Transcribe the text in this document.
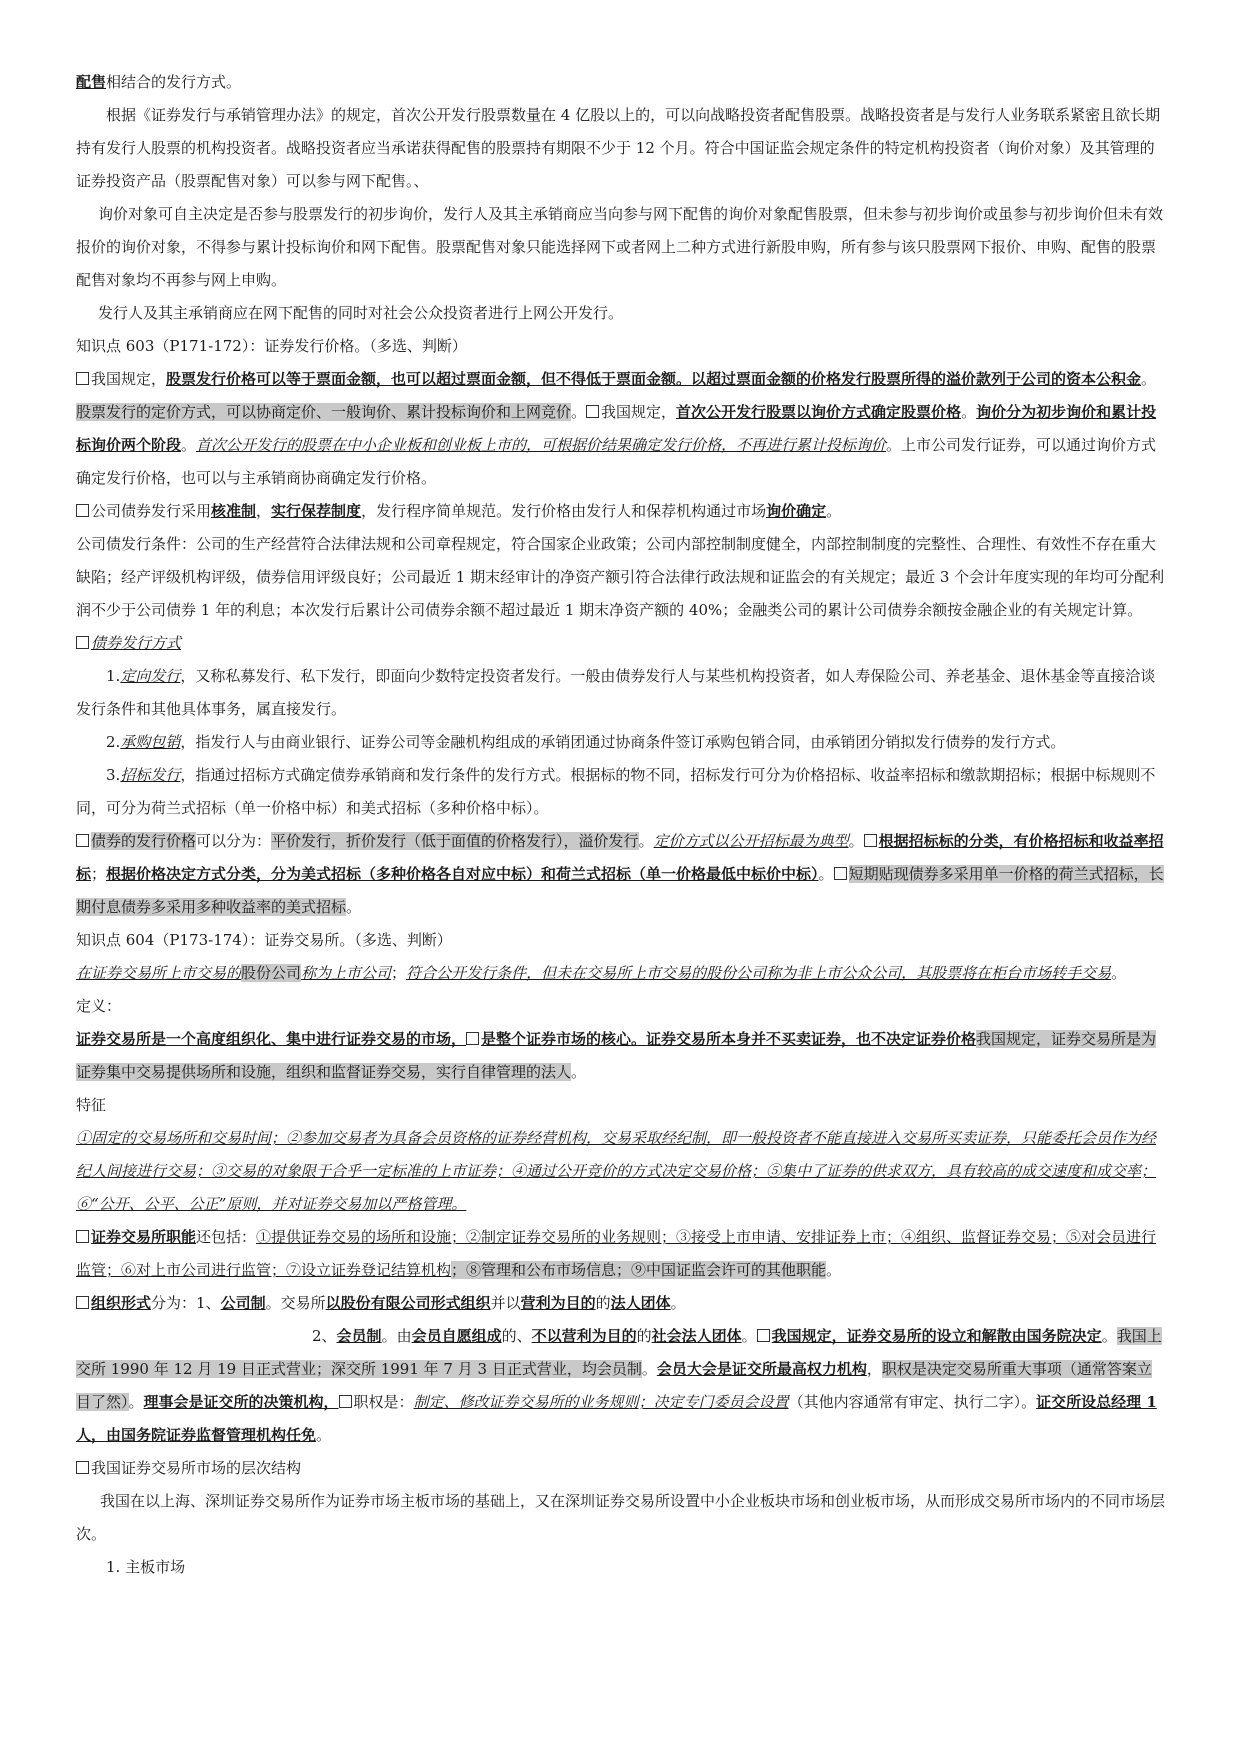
配售相结合的发行方式。

根据《证券发行与承销管理办法》的规定，首次公开发行股票数量在 4 亿股以上的，可以向战略投资者配售股票。战略投资者是与发行人业务联系紧密且欲长期持有发行人股票的机构投资者。战略投资者应当承诺获得配售的股票持有期限不少于 12 个月。符合中国证监会规定条件的特定机构投资者（询价对象）及其管理的证券投资产品（股票配售对象）可以参与网下配售。、

询价对象可自主决定是否参与股票发行的初步询价，发行人及其主承销商应当向参与网下配售的询价对象配售股票，但未参与初步询价或虽参与初步询价但未有效报价的询价对象，不得参与累计投标询价和网下配售。股票配售对象只能选择网下或者网上二种方式进行新股申购，所有参与该只股票网下报价、申购、配售的股票配售对象均不再参与网上申购。

发行人及其主承销商应在网下配售的同时对社会公众投资者进行上网公开发行。

知识点 603（P171-172）：证券发行价格。（多选、判断）

我国规定，股票发行价格可以等于票面金额，也可以超过票面金额，但不得低于票面金额。以超过票面金额的价格发行股票所得的溢价款列于公司的资本公积金。

股票发行的定价方式，可以协商定价、一般询价、累计投标询价和上网竞价。 我国规定，首次公开发行股票以询价方式确定股票价格。询价分为初步询价和累计投标询价两个阶段。首次公开发行的股票在中小企业板和创业板上市的，可根据价结果确定发行价格，不再进行累计投标询价。上市公司发行证券，可以通过询价方式确定发行价格，也可以与主承销商协商确定发行价格。

公司债券发行采用核准制，实行保荐制度，发行程序简单规范。发行价格由发行人和保荐机构通过市场询价确定。

公司债发行条件：公司的生产经营符合法律法规和公司章程规定，符合国家企业政策；公司内部控制制度健全，内部控制制度的完整性、合理性、有效性不存在重大缺陷；经产评级机构评级，债券信用评级良好；公司最近 1 期末经审计的净资产额引符合法律行政法规和证监会的有关规定；最近 3 个会计年度实现的年均可分配利润不少于公司债券 1 年的利息；本次发行后累计公司债券余额不超过最近 1 期末净资产额的 40%；金融类公司的累计公司债券余额按金融企业的有关规定计算。

债券发行方式

1.定向发行，又称私募发行、私下发行，即面向少数特定投资者发行。一般由债券发行人与某些机构投资者，如人寿保险公司、养老基金、退休基金等直接洽谈发行条件和其他具体事务，属直接发行。

2.承购包销，指发行人与由商业银行、证券公司等金融机构组成的承销团通过协商条件签订承购包销合同，由承销团分销拟发行债券的发行方式。

3.招标发行，指通过招标方式确定债券承销商和发行条件的发行方式。根据标的物不同，招标发行可分为价格招标、收益率招标和缴款期招标；根据中标规则不同，可分为荷兰式招标（单一价格中标）和美式招标（多种价格中标）。

债券的发行价格可以分为：平价发行，折价发行（低于面值的价格发行），溢价发行。定价方式以公开招标最为典型。 根据招标标的分类，有价格招标和收益率招标；根据价格决定方式分类，分为美式招标（多种价格各自对应中标）和荷兰式招标（单一价格最低中标价中标）。 短期贴现债券多采用单一价格的荷兰式招标，长期付息债券多采用多种收益率的美式招标。

知识点 604（P173-174）：证券交易所。（多选、判断）

在证券交易所上市交易的股份公司称为上市公司；符合公开发行条件，但未在交易所上市交易的股份公司称为非上市公众公司，其股票将在柜台市场转手交易。

定义：

证券交易所是一个高度组织化、集中进行证券交易的市场， 是整个证券市场的核心。证券交易所本身并不买卖证券，也不决定证券价格我国规定，证券交易所是为证券集中交易提供场所和设施，组织和监督证券交易，实行自律管理的法人。

特征

①固定的交易场所和交易时间；②参加交易者为具备会员资格的证券经营机构，交易采取经纪制，即一般投资者不能直接进入交易所买卖证券，只能委托会员作为经纪人间接进行交易；③交易的对象限于合乎一定标准的上市证券；④通过公开竞价的方式决定交易价格；⑤集中了证券的供求双方，具有较高的成交速度和成交率；⑥“公开、公平、公正”原则，并对证券交易加以严格管理。

证券交易所职能还包括：①提供证券交易的场所和设施；②制定证券交易所的业务规则；③接受上市申请、安排证券上市；④组织、监督证券交易；⑤对会员进行监管；⑥对上市公司进行监管；⑦设立证券登记结算机构；⑧管理和公布市场信息；⑨中国证监会许可的其他职能。

组织形式分为：1、公司制。交易所以股份有限公司形式组织并以营利为目的的法人团体。

2、会员制。由会员自愿组成的、不以营利为目的的社会法人团体。 我国规定，证券交易所的设立和解散由国务院决定。我国上交所 1990 年 12 月 19 日正式营业；深交所 1991 年 7 月 3 日正式营业，均会员制。会员大会是证交所最高权力机构，职权是决定交易所重大事项（通常答案立目了然）。理事会是证交所的决策机构， 职权是：制定、修改证券交易所的业务规则；决定专门委员会设置（其他内容通常有审定、执行二字）。证交所设总经理 1 人，由国务院证券监督管理机构任免。

我国证券交易所市场的层次结构

我国在以上海、深圳证券交易所作为证券市场主板市场的基础上，又在深圳证券交易所设置中小企业板块市场和创业板市场，从而形成交易所市场内的不同市场层次。

1. 主板市场
